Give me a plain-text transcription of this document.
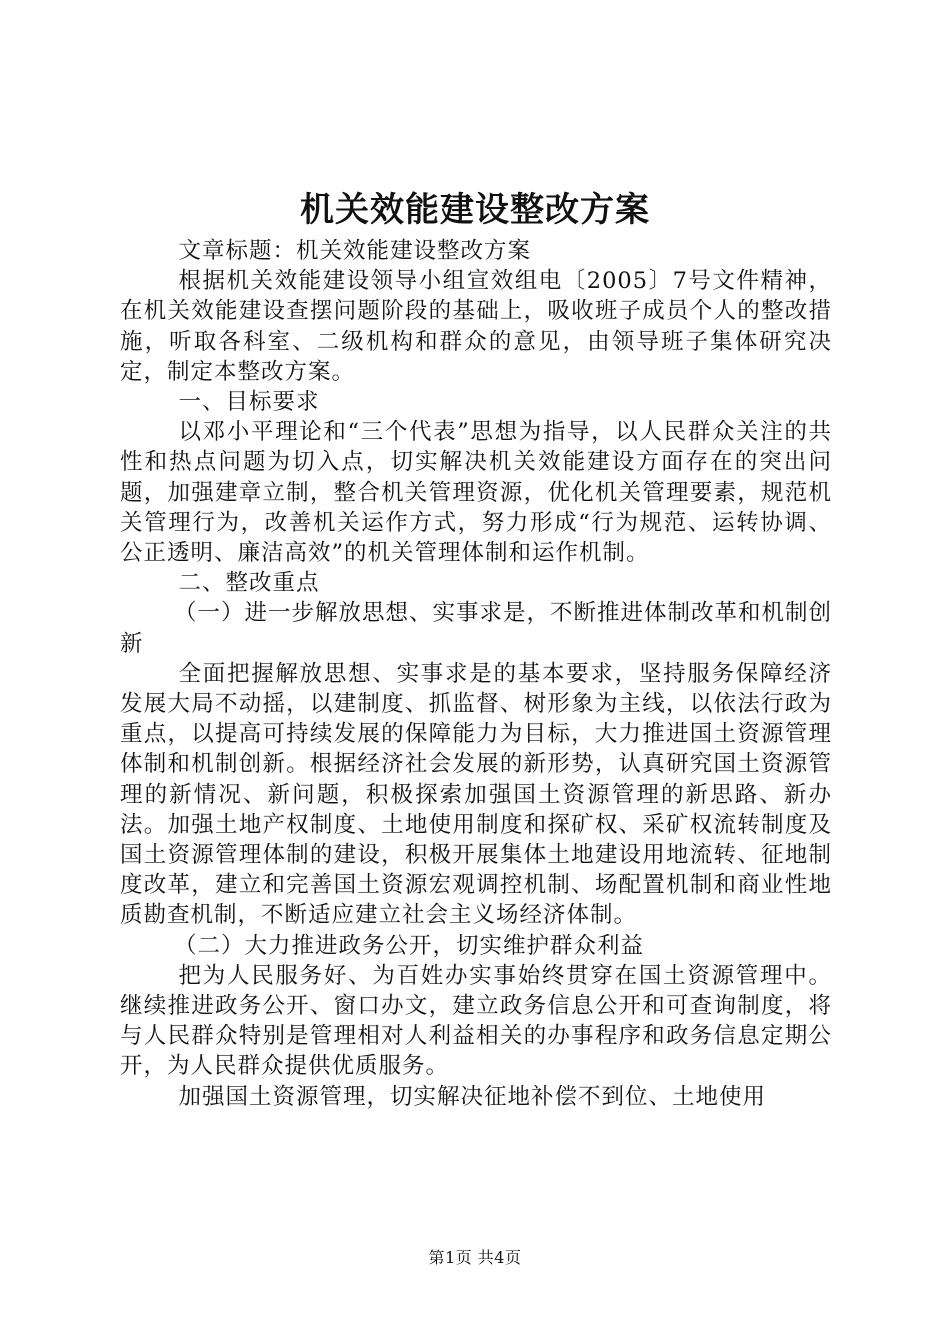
机关效能建设整改方案

文章标题：机关效能建设整改方案

根据机关效能建设领导小组宣效组电〔2005〕7号文件精神，在机关效能建设查摆问题阶段的基础上，吸收班子成员个人的整改措施，听取各科室、二级机构和群众的意见，由领导班子集体研究决定，制定本整改方案。

一、目标要求

以邓小平理论和“三个代表”思想为指导，以人民群众关注的共性和热点问题为切入点，切实解决机关效能建设方面存在的突出问题，加强建章立制，整合机关管理资源，优化机关管理要素，规范机关管理行为，改善机关运作方式，努力形成“行为规范、运转协调、公正透明、廉洁高效”的机关管理体制和运作机制。

二、整改重点

（一）进一步解放思想、实事求是，不断推进体制改革和机制创新

全面把握解放思想、实事求是的基本要求，坚持服务保障经济发展大局不动摇，以建制度、抓监督、树形象为主线，以依法行政为重点，以提高可持续发展的保障能力为目标，大力推进国土资源管理体制和机制创新。根据经济社会发展的新形势，认真研究国土资源管理的新情况、新问题，积极探索加强国土资源管理的新思路、新办法。加强土地产权制度、土地使用制度和探矿权、采矿权流转制度及国土资源管理体制的建设，积极开展集体土地建设用地流转、征地制度改革，建立和完善国土资源宏观调控机制、场配置机制和商业性地质勘查机制，不断适应建立社会主义场经济体制。

（二）大力推进政务公开，切实维护群众利益

把为人民服务好、为百姓办实事始终贯穿在国土资源管理中。继续推进政务公开、窗口办文，建立政务信息公开和可查询制度，将与人民群众特别是管理相对人利益相关的办事程序和政务信息定期公开，为人民群众提供优质服务。

加强国土资源管理，切实解决征地补偿不到位、土地使用

第1页 共4页
